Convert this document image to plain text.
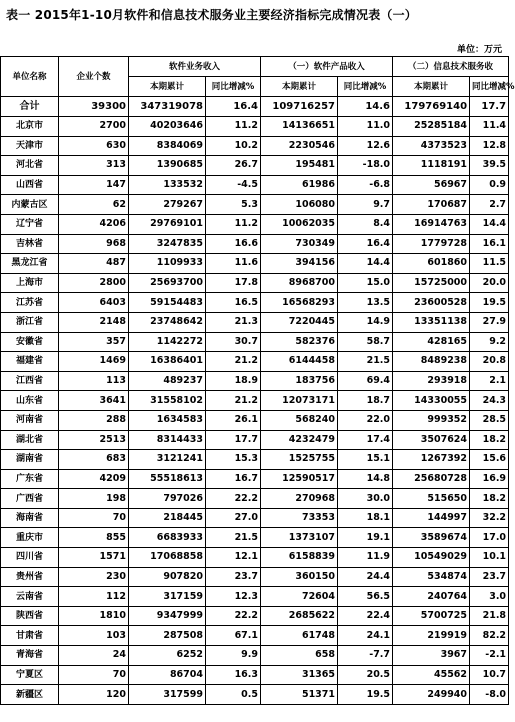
表一 2015年1-10月软件和信息技术服务业主要经济指标完成情况表（一）
单位：万元
单位名称	企业个数	软件业务收入		（一）软件产品收入		（二）信息技术服务收	
		本期累计	同比增减%	本期累计	同比增减%	本期累计	同比增减%
合计	39300	347319078	16.4	109716257	14.6	179769140	17.7
北京市	2700	40203646	11.2	14136651	11.0	25285184	11.4
天津市	630	8384069	10.2	2230546	12.6	4373523	12.8
河北省	313	1390685	26.7	195481	-18.0	1118191	39.5
山西省	147	133532	-4.5	61986	-6.8	56967	0.9
内蒙古区	62	279267	5.3	106080	9.7	170687	2.7
辽宁省	4206	29769101	11.2	10062035	8.4	16914763	14.4
吉林省	968	3247835	16.6	730349	16.4	1779728	16.1
黑龙江省	487	1109933	11.6	394156	14.4	601860	11.5
上海市	2800	25693700	17.8	8968700	15.0	15725000	20.0
江苏省	6403	59154483	16.5	16568293	13.5	23600528	19.5
浙江省	2148	23748642	21.3	7220445	14.9	13351138	27.9
安徽省	357	1142272	30.7	582376	58.7	428165	9.2
福建省	1469	16386401	21.2	6144458	21.5	8489238	20.8
江西省	113	489237	18.9	183756	69.4	293918	2.1
山东省	3641	31558102	21.2	12073171	18.7	14330055	24.3
河南省	288	1634583	26.1	568240	22.0	999352	28.5
湖北省	2513	8314433	17.7	4232479	17.4	3507624	18.2
湖南省	683	3121241	15.3	1525755	15.1	1267392	15.6
广东省	4209	55518613	16.7	12590517	14.8	25680728	16.9
广西省	198	797026	22.2	270968	30.0	515650	18.2
海南省	70	218445	27.0	73353	18.1	144997	32.2
重庆市	855	6683933	21.5	1373107	19.1	3589674	17.0
四川省	1571	17068858	12.1	6158839	11.9	10549029	10.1
贵州省	230	907820	23.7	360150	24.4	534874	23.7
云南省	112	317159	12.3	72604	56.5	240764	3.0
陕西省	1810	9347999	22.2	2685622	22.4	5700725	21.8
甘肃省	103	287508	67.1	61748	24.1	219919	82.2
青海省	24	6252	9.9	658	-7.7	3967	-2.1
宁夏区	70	86704	16.3	31365	20.5	45562	10.7
新疆区	120	317599	0.5	51371	19.5	249940	-8.0
